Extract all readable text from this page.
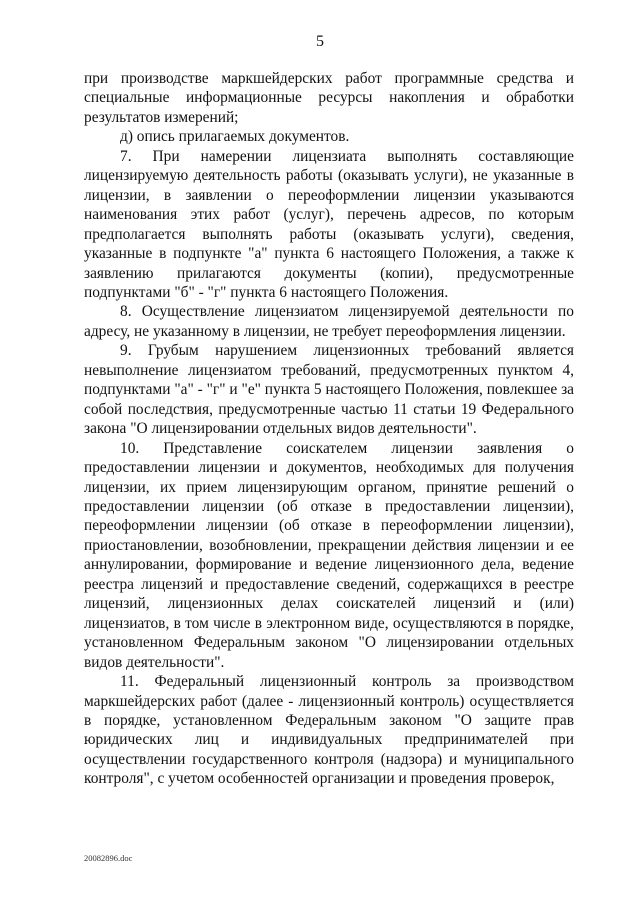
5

при производстве маркшейдерских работ программные средства и специальные информационные ресурсы накопления и обработки результатов измерений;

д) опись прилагаемых документов.

7. При намерении лицензиата выполнять составляющие лицензируемую деятельность работы (оказывать услуги), не указанные в лицензии, в заявлении о переоформлении лицензии указываются наименования этих работ (услуг), перечень адресов, по которым предполагается выполнять работы (оказывать услуги), сведения, указанные в подпункте "а" пункта 6 настоящего Положения, а также к заявлению прилагаются документы (копии), предусмотренные подпунктами "б" - "г" пункта 6 настоящего Положения.

8. Осуществление лицензиатом лицензируемой деятельности по адресу, не указанному в лицензии, не требует переоформления лицензии.

9. Грубым нарушением лицензионных требований является невыполнение лицензиатом требований, предусмотренных пунктом 4, подпунктами "а" - "г" и "е" пункта 5 настоящего Положения, повлекшее за собой последствия, предусмотренные частью 11 статьи 19 Федерального закона "О лицензировании отдельных видов деятельности".

10. Представление соискателем лицензии заявления о предоставлении лицензии и документов, необходимых для получения лицензии, их прием лицензирующим органом, принятие решений о предоставлении лицензии (об отказе в предоставлении лицензии), переоформлении лицензии (об отказе в переоформлении лицензии), приостановлении, возобновлении, прекращении действия лицензии и ее аннулировании, формирование и ведение лицензионного дела, ведение реестра лицензий и предоставление сведений, содержащихся в реестре лицензий, лицензионных делах соискателей лицензий и (или) лицензиатов, в том числе в электронном виде, осуществляются в порядке, установленном Федеральным законом "О лицензировании отдельных видов деятельности".

11. Федеральный лицензионный контроль за производством маркшейдерских работ (далее - лицензионный контроль) осуществляется в порядке, установленном Федеральным законом "О защите прав юридических лиц и индивидуальных предпринимателей при осуществлении государственного контроля (надзора) и муниципального контроля", с учетом особенностей организации и проведения проверок,

20082896.doc
